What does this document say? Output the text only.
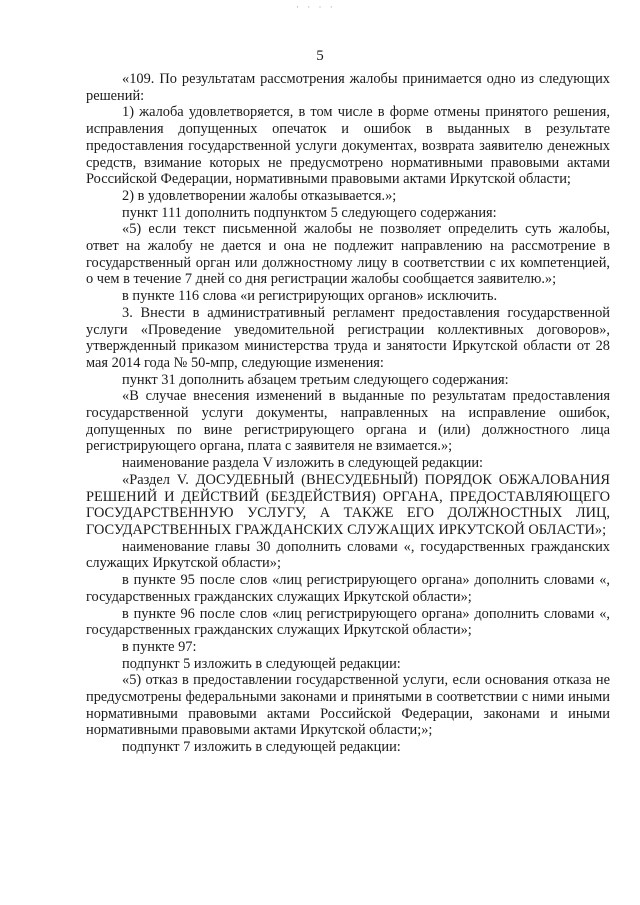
· · · ·
5

«109. По результатам рассмотрения жалобы принимается одно из следующих решений:

1) жалоба удовлетворяется, в том числе в форме отмены принятого решения, исправления допущенных опечаток и ошибок в выданных в результате предоставления государственной услуги документах, возврата заявителю денежных средств, взимание которых не предусмотрено нормативными правовыми актами Российской Федерации, нормативными правовыми актами Иркутской области;

2) в удовлетворении жалобы отказывается.»;

пункт 111 дополнить подпунктом 5 следующего содержания:

«5) если текст письменной жалобы не позволяет определить суть жалобы, ответ на жалобу не дается и она не подлежит направлению на рассмотрение в государственный орган или должностному лицу в соответствии с их компетенцией, о чем в течение 7 дней со дня регистрации жалобы сообщается заявителю.»;

в пункте 116 слова «и регистрирующих органов» исключить.

3. Внести в административный регламент предоставления государственной услуги «Проведение уведомительной регистрации коллективных договоров», утвержденный приказом министерства труда и занятости Иркутской области от 28 мая 2014 года № 50-мпр, следующие изменения:

пункт 31 дополнить абзацем третьим следующего содержания:

«В случае внесения изменений в выданные по результатам предоставления государственной услуги документы, направленных на исправление ошибок, допущенных по вине регистрирующего органа и (или) должностного лица регистрирующего органа, плата с заявителя не взимается.»;

наименование раздела V изложить в следующей редакции:

«Раздел V. ДОСУДЕБНЫЙ (ВНЕСУДЕБНЫЙ) ПОРЯДОК ОБЖАЛОВАНИЯ РЕШЕНИЙ И ДЕЙСТВИЙ (БЕЗДЕЙСТВИЯ) ОРГАНА, ПРЕДОСТАВЛЯЮЩЕГО ГОСУДАРСТВЕННУЮ УСЛУГУ, А ТАКЖЕ ЕГО ДОЛЖНОСТНЫХ ЛИЦ, ГОСУДАРСТВЕННЫХ ГРАЖДАНСКИХ СЛУЖАЩИХ ИРКУТСКОЙ ОБЛАСТИ»;

наименование главы 30 дополнить словами «, государственных гражданских служащих Иркутской области»;

в пункте 95 после слов «лиц регистрирующего органа» дополнить словами «, государственных гражданских служащих Иркутской области»;

в пункте 96 после слов «лиц регистрирующего органа» дополнить словами «, государственных гражданских служащих Иркутской области»;

в пункте 97:

подпункт 5 изложить в следующей редакции:

«5) отказ в предоставлении государственной услуги, если основания отказа не предусмотрены федеральными законами и принятыми в соответствии с ними иными нормативными правовыми актами Российской Федерации, законами и иными нормативными правовыми актами Иркутской области;»;

подпункт 7 изложить в следующей редакции:
